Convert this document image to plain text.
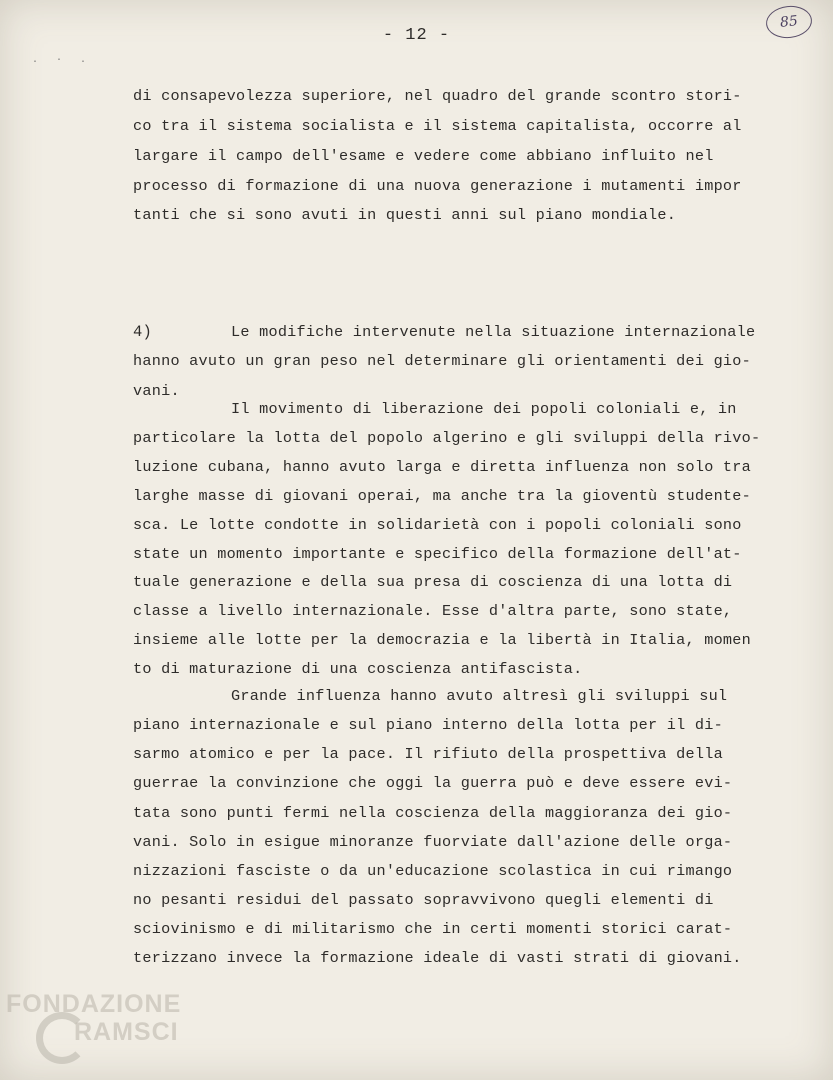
- 12 -
85
. · .
di consapevolezza superiore, nel quadro del grande scontro stori-
co tra il sistema socialista e il sistema capitalista, occorre al
largare il campo dell'esame e vedere come abbiano influito nel
processo di formazione di una nuova generazione i mutamenti impor
tanti che si sono avuti in questi anni sul piano mondiale.
4)	Le modifiche intervenute nella situazione internazionale
hanno avuto un gran peso nel determinare gli orientamenti dei gio-
vani.
Il movimento di liberazione dei popoli coloniali e, in
particolare la lotta del popolo algerino e gli sviluppi della rivo-
luzione cubana, hanno avuto larga e diretta influenza non solo tra
larghe masse di giovani operai, ma anche tra la gioventù studente-
sca. Le lotte condotte in solidarietà con i popoli coloniali sono
state un momento importante e specifico della formazione dell'at-
tuale generazione e della sua presa di coscienza di una lotta di
classe a livello internazionale. Esse d'altra parte, sono state,
insieme alle lotte per la democrazia e la libertà in Italia, momen
to di maturazione di una coscienza antifascista.
Grande influenza hanno avuto altresì gli sviluppi sul
piano internazionale e sul piano interno della lotta per il di-
sarmo atomico e per la pace. Il rifiuto della prospettiva della
guerrae la convinzione che oggi la guerra può e deve essere evi-
tata sono punti fermi nella coscienza della maggioranza dei gio-
vani. Solo in esigue minoranze fuorviate dall'azione delle orga-
nizzazioni fasciste o da un'educazione scolastica in cui rimango
no pesanti residui del passato sopravvivono quegli elementi di
sciovinismo e di militarismo che in certi momenti storici carat-
terizzano invece la formazione ideale di vasti strati di giovani.
FONDAZIONE
RAMSCI
